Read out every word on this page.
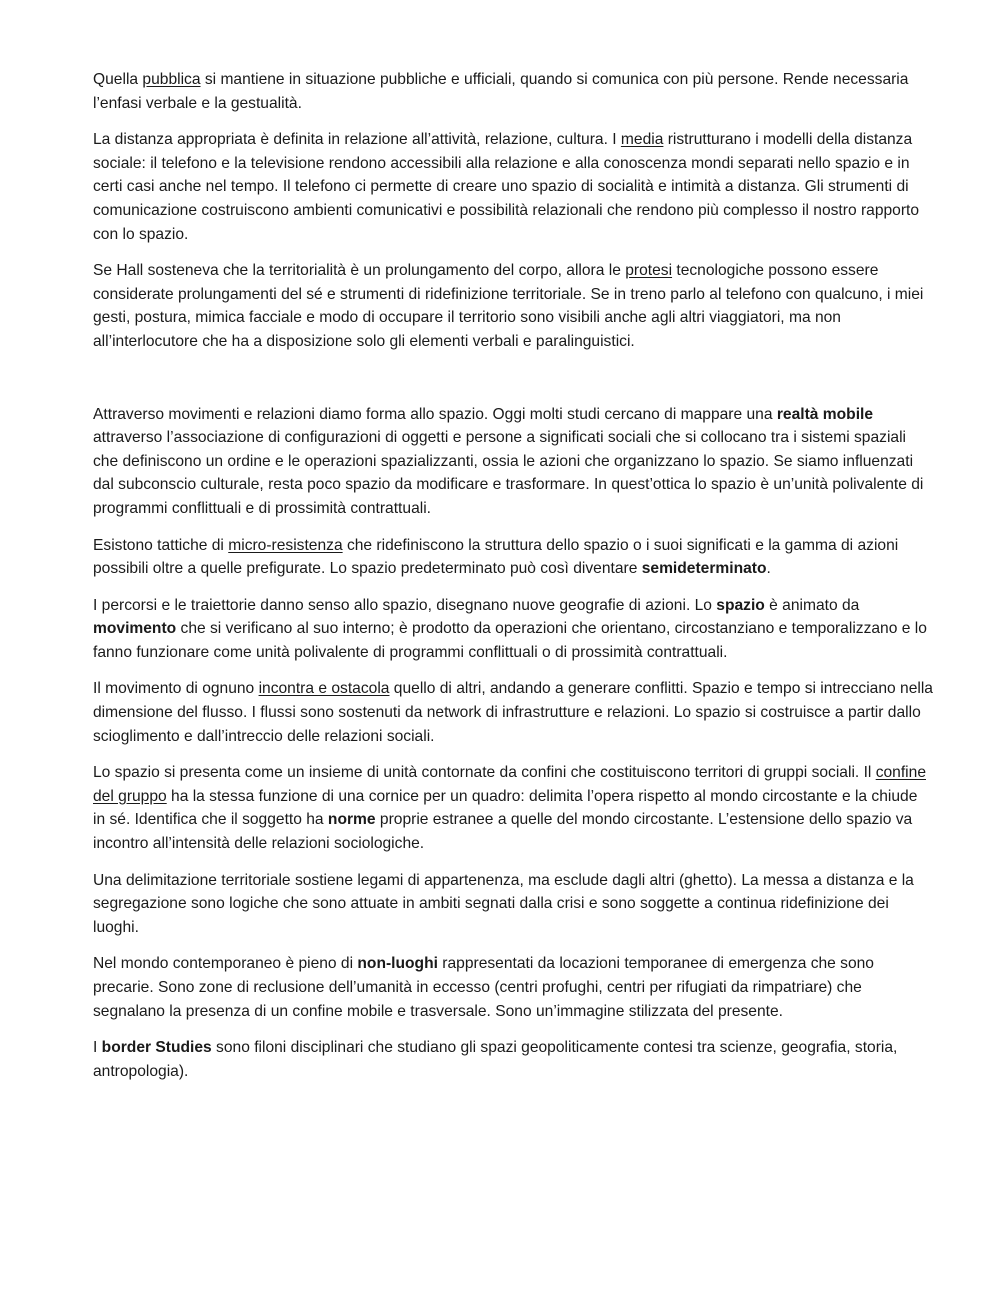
Quella pubblica si mantiene in situazione pubbliche e ufficiali, quando si comunica con più persone. Rende necessaria l’enfasi verbale e la gestualità.

La distanza appropriata è definita in relazione all’attività, relazione, cultura. I media ristrutturano i modelli della distanza sociale: il telefono e la televisione rendono accessibili alla relazione e alla conoscenza mondi separati nello spazio e in certi casi anche nel tempo. Il telefono ci permette di creare uno spazio di socialità e intimità a distanza. Gli strumenti di comunicazione costruiscono ambienti comunicativi e possibilità relazionali che rendono più complesso il nostro rapporto con lo spazio.

Se Hall sosteneva che la territorialità è un prolungamento del corpo, allora le protesi tecnologiche possono essere considerate prolungamenti del sé e strumenti di ridefinizione territoriale. Se in treno parlo al telefono con qualcuno, i miei gesti, postura, mimica facciale e modo di occupare il territorio sono visibili anche agli altri viaggiatori, ma non all’interlocutore che ha a disposizione solo gli elementi verbali e paralinguistici.

Attraverso movimenti e relazioni diamo forma allo spazio. Oggi molti studi cercano di mappare una realtà mobile attraverso l’associazione di configurazioni di oggetti e persone a significati sociali che si collocano tra i sistemi spaziali che definiscono un ordine e le operazioni spazializzanti, ossia le azioni che organizzano lo spazio. Se siamo influenzati dal subconscio culturale, resta poco spazio da modificare e trasformare. In quest’ottica lo spazio è un’unità polivalente di programmi conflittuali e di prossimità contrattuali.

Esistono tattiche di micro-resistenza che ridefiniscono la struttura dello spazio o i suoi significati e la gamma di azioni possibili oltre a quelle prefigurate. Lo spazio predeterminato può così diventare semideterminato.

I percorsi e le traiettorie danno senso allo spazio, disegnano nuove geografie di azioni. Lo spazio è animato da movimento che si verificano al suo interno; è prodotto da operazioni che orientano, circostanziano e temporalizzano e lo fanno funzionare come unità polivalente di programmi conflittuali o di prossimità contrattuali.

Il movimento di ognuno incontra e ostacola quello di altri, andando a generare conflitti. Spazio e tempo si intrecciano nella dimensione del flusso. I flussi sono sostenuti da network di infrastrutture e relazioni. Lo spazio si costruisce a partir dallo scioglimento e dall’intreccio delle relazioni sociali.

Lo spazio si presenta come un insieme di unità contornate da confini che costituiscono territori di gruppi sociali. Il confine del gruppo ha la stessa funzione di una cornice per un quadro: delimita l’opera rispetto al mondo circostante e la chiude in sé. Identifica che il soggetto ha norme proprie estranee a quelle del mondo circostante. L’estensione dello spazio va incontro all’intensità delle relazioni sociologiche.

Una delimitazione territoriale sostiene legami di appartenenza, ma esclude dagli altri (ghetto). La messa a distanza e la segregazione sono logiche che sono attuate in ambiti segnati dalla crisi e sono soggette a continua ridefinizione dei luoghi.

Nel mondo contemporaneo è pieno di non-luoghi rappresentati da locazioni temporanee di emergenza che sono precarie. Sono zone di reclusione dell’umanità in eccesso (centri profughi, centri per rifugiati da rimpatriare) che segnalano la presenza di un confine mobile e trasversale. Sono un’immagine stilizzata del presente.

I border Studies sono filoni disciplinari che studiano gli spazi geopoliticamente contesi tra scienze, geografia, storia, antropologia).
